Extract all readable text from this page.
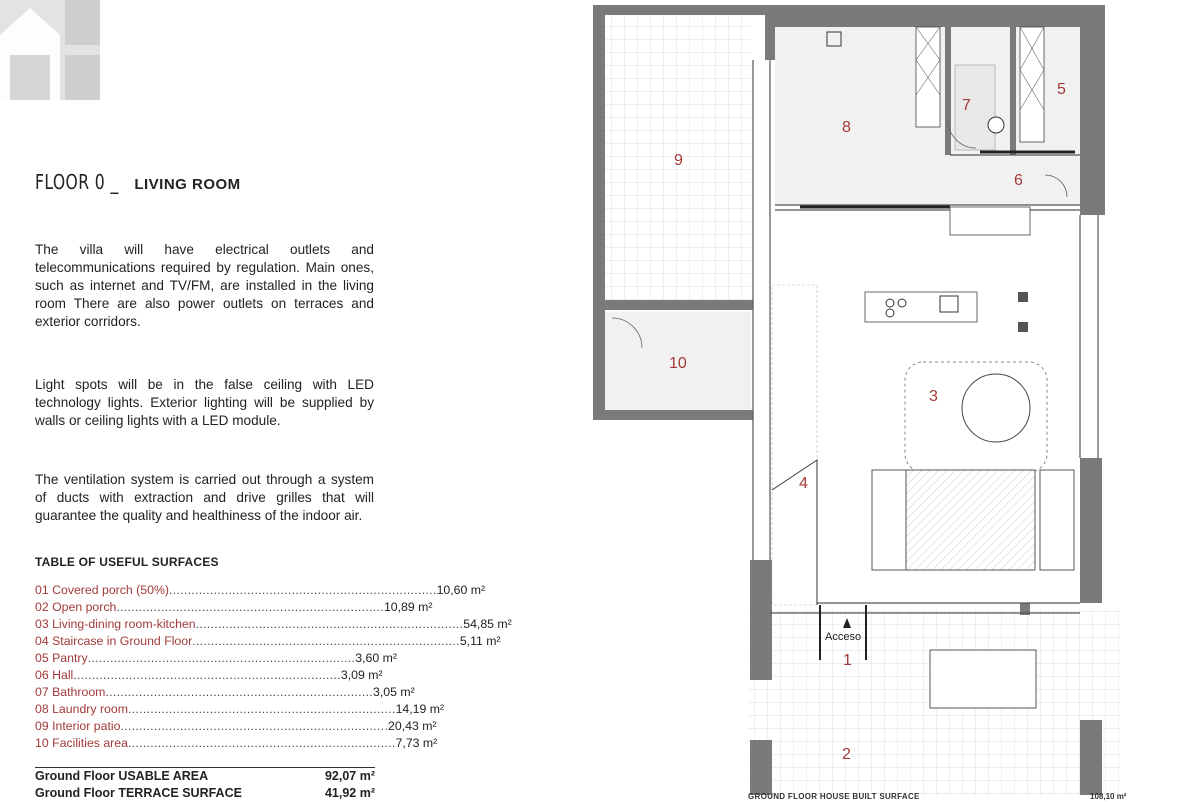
FLOOR 0 _ LIVING ROOM

The villa will have electrical outlets and telecommunications required by regulation. Main ones, such as internet and TV/FM, are installed in the living room There are also power outlets on terraces and exterior corridors.

Light spots will be in the false ceiling with LED technology lights. Exterior lighting will be supplied by walls or ceiling lights with a LED module.

The ventilation system is carried out through a system of ducts with extraction and drive grilles that will guarantee the quality and healthiness of the indoor air.

TABLE OF USEFUL SURFACES
01 Covered porch (50%) ........................................................................ 10,60 m²
02 Open porch ........................................................................ 10,89 m²
03 Living-dining room-kitchen ........................................................................ 54,85 m²
04 Staircase in Ground Floor ........................................................................ 5,11 m²
05 Pantry ........................................................................ 3,60 m²
06 Hall ........................................................................ 3,09 m²
07 Bathroom ........................................................................ 3,05 m²
08 Laundry room ........................................................................ 14,19 m²
09 Interior patio ........................................................................ 20,43 m²
10 Facilities area ........................................................................ 7,73 m²
Ground Floor USABLE AREA	92,07 m²
Ground Floor TERRACE SURFACE	41,92 m²
1
2
3
4
5
6
7
8
9
10
Acceso
GROUND FLOOR HOUSE BUILT SURFACE	108,10 m²
